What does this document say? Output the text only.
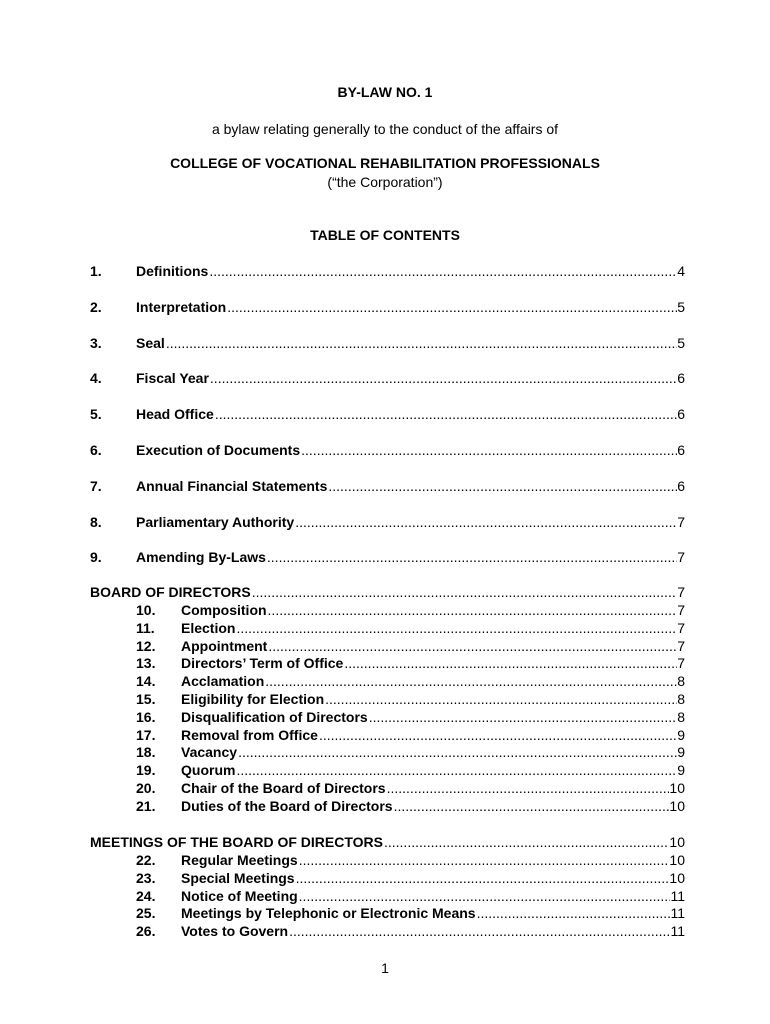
BY-LAW NO. 1
a bylaw relating generally to the conduct of the affairs of
COLLEGE OF VOCATIONAL REHABILITATION PROFESSIONALS
(“the Corporation”)
TABLE OF CONTENTS
1.	Definitions .....	4
2.	Interpretation .....	5
3.	Seal .....	5
4.	Fiscal Year .....	6
5.	Head Office .....	6
6.	Execution of Documents .....	6
7.	Annual Financial Statements .....	6
8.	Parliamentary Authority .....	7
9.	Amending By-Laws .....	7
BOARD OF DIRECTORS .....	7
10.	Composition .....	7
11.	Election .....	7
12.	Appointment .....	7
13.	Directors’ Term of Office .....	7
14.	Acclamation .....	8
15.	Eligibility for Election .....	8
16.	Disqualification of Directors .....	8
17.	Removal from Office .....	9
18.	Vacancy .....	9
19.	Quorum .....	9
20.	Chair of the Board of Directors .....	10
21.	Duties of the Board of Directors .....	10
MEETINGS OF THE BOARD OF DIRECTORS .....	10
22.	Regular Meetings .....	10
23.	Special Meetings .....	10
24.	Notice of Meeting .....	11
25.	Meetings by Telephonic or Electronic Means .....	11
26.	Votes to Govern .....	11
1
